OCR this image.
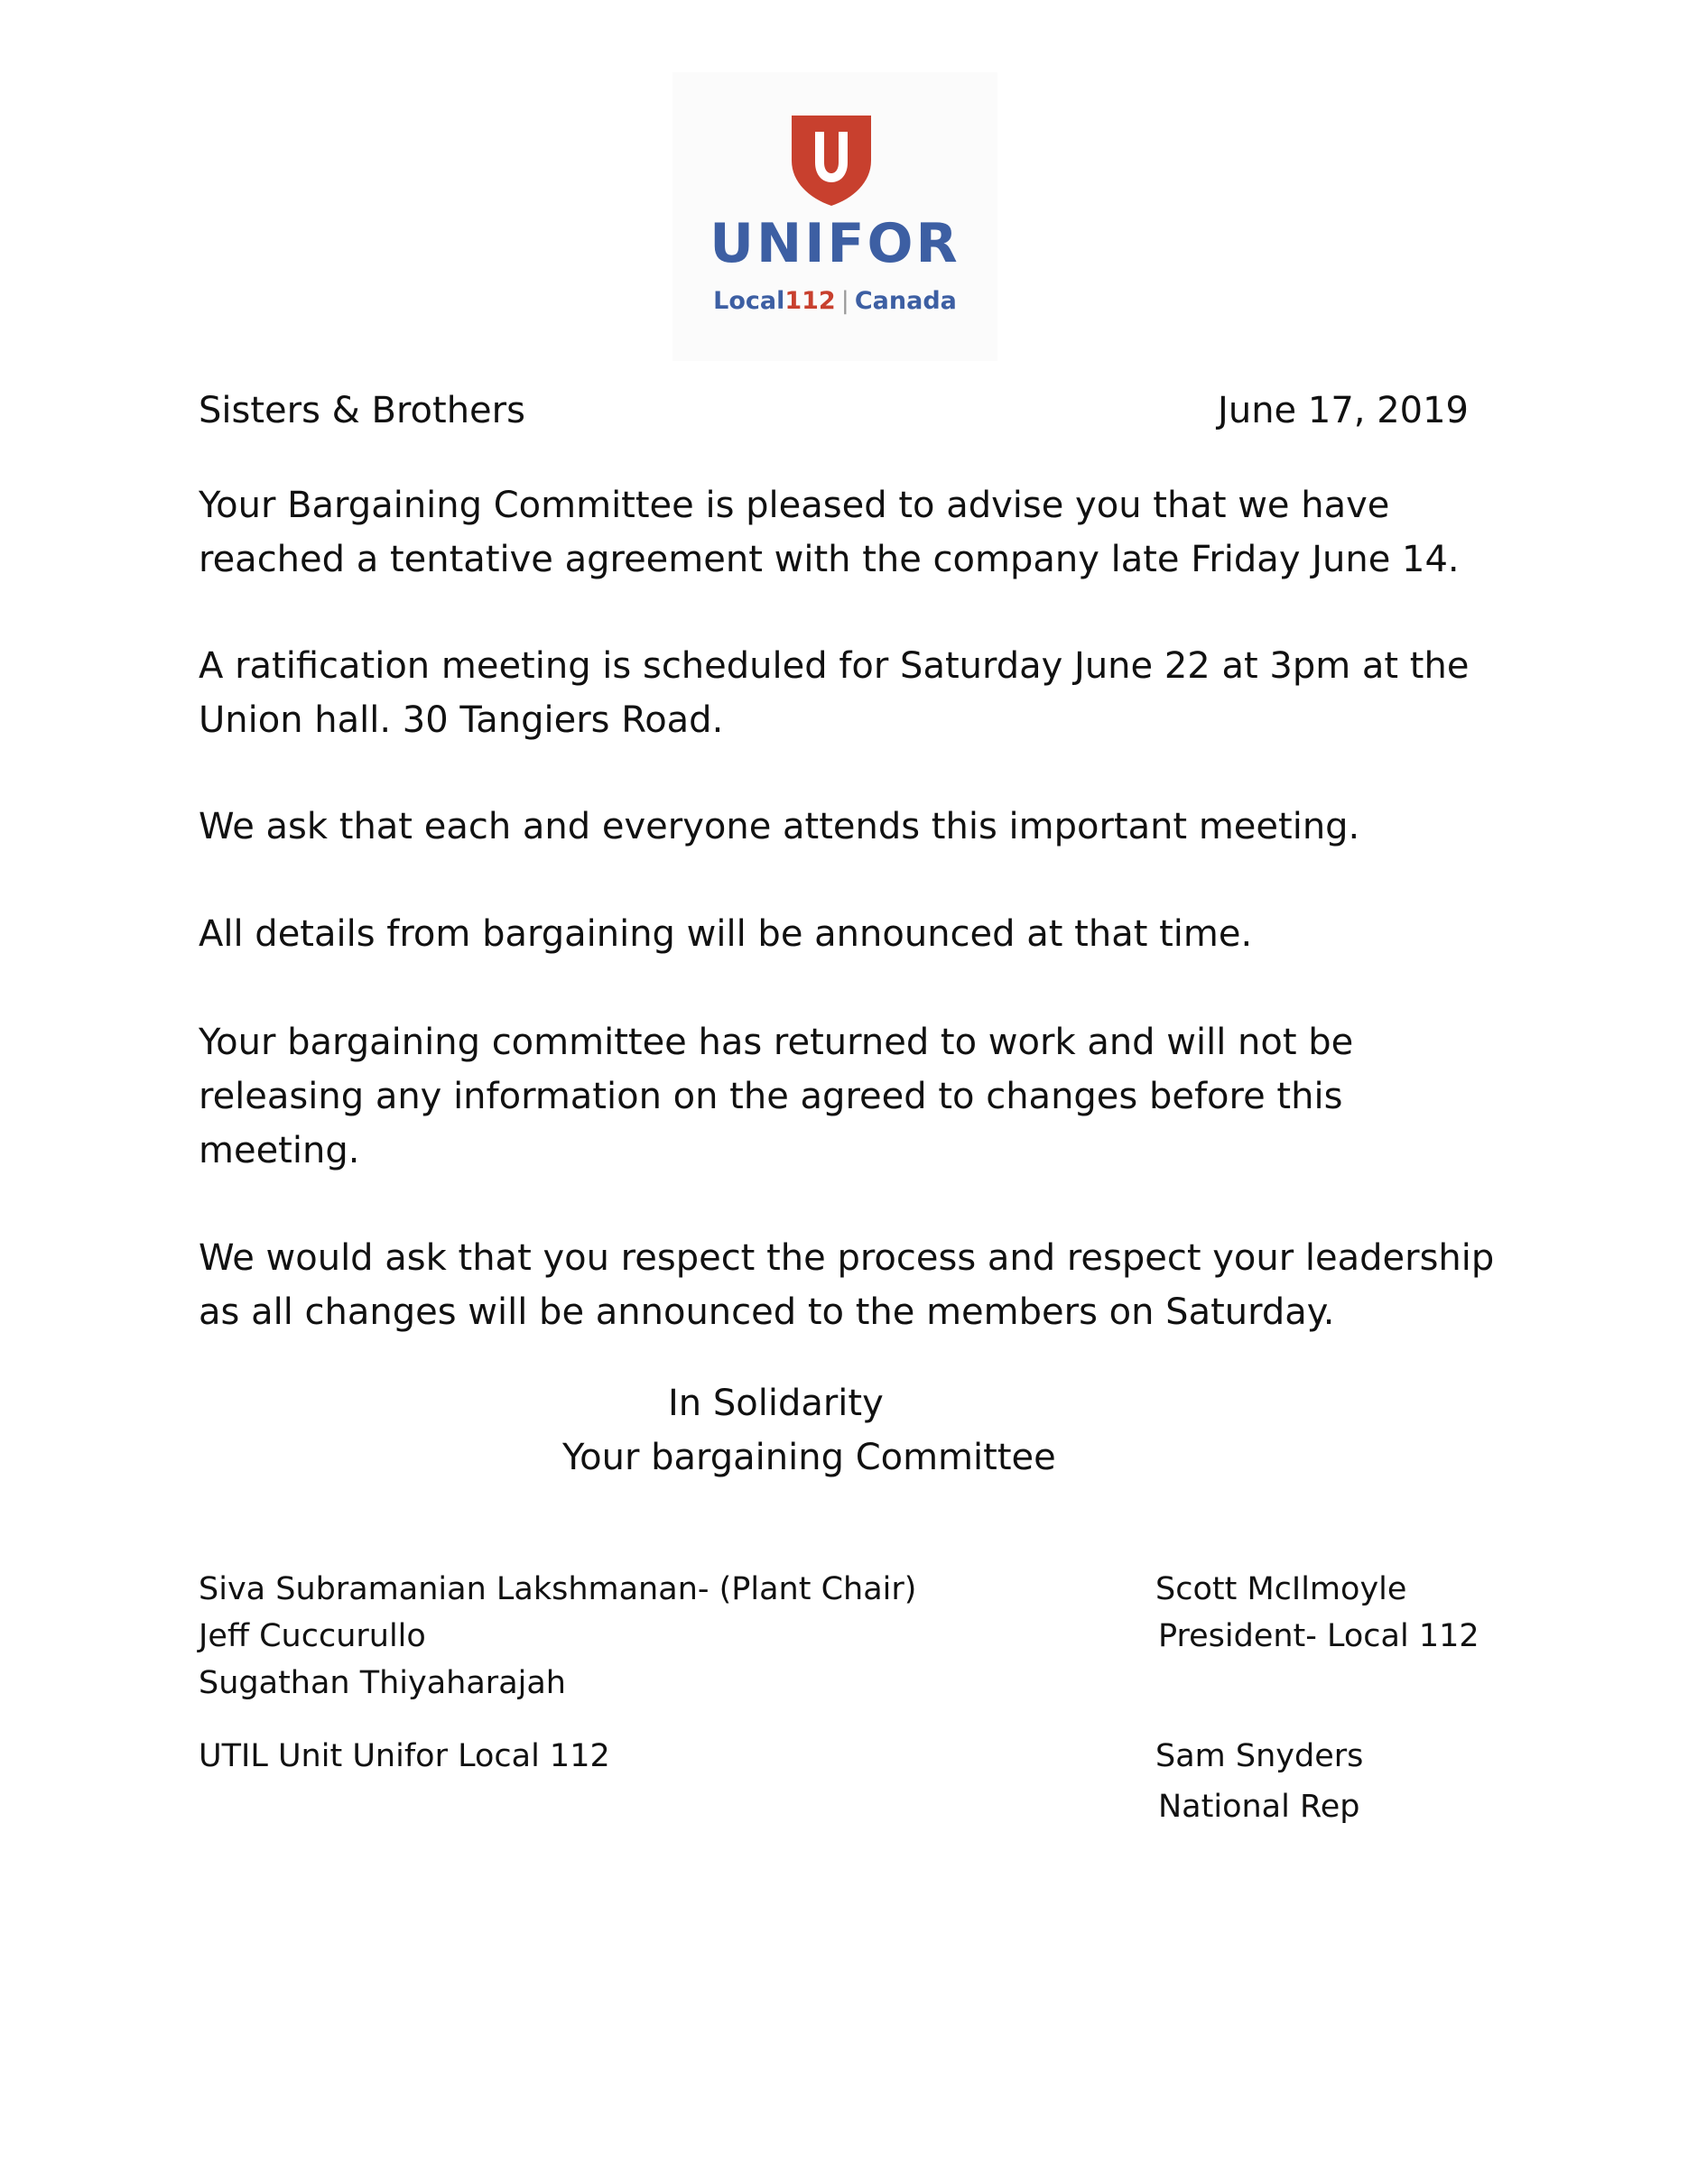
UNIFOR
Local112 | Canada
Sisters & Brothers	June 17, 2019
Your Bargaining Committee is pleased to advise you that we have
reached a tentative agreement with the company late Friday June 14.
A ratification meeting is scheduled for Saturday June 22 at 3pm at the
Union hall. 30 Tangiers Road.
We ask that each and everyone attends this important meeting.
All details from bargaining will be announced at that time.
Your bargaining committee has returned to work and will not be
releasing any information on the agreed to changes before this
meeting.
We would ask that you respect the process and respect your leadership
as all changes will be announced to the members on Saturday.
In Solidarity
Your bargaining Committee
Siva Subramanian Lakshmanan- (Plant Chair)
Jeff Cuccurullo
Sugathan Thiyaharajah
UTIL Unit Unifor Local 112
Scott McIlmoyle
President- Local 112
Sam Snyders
National Rep
